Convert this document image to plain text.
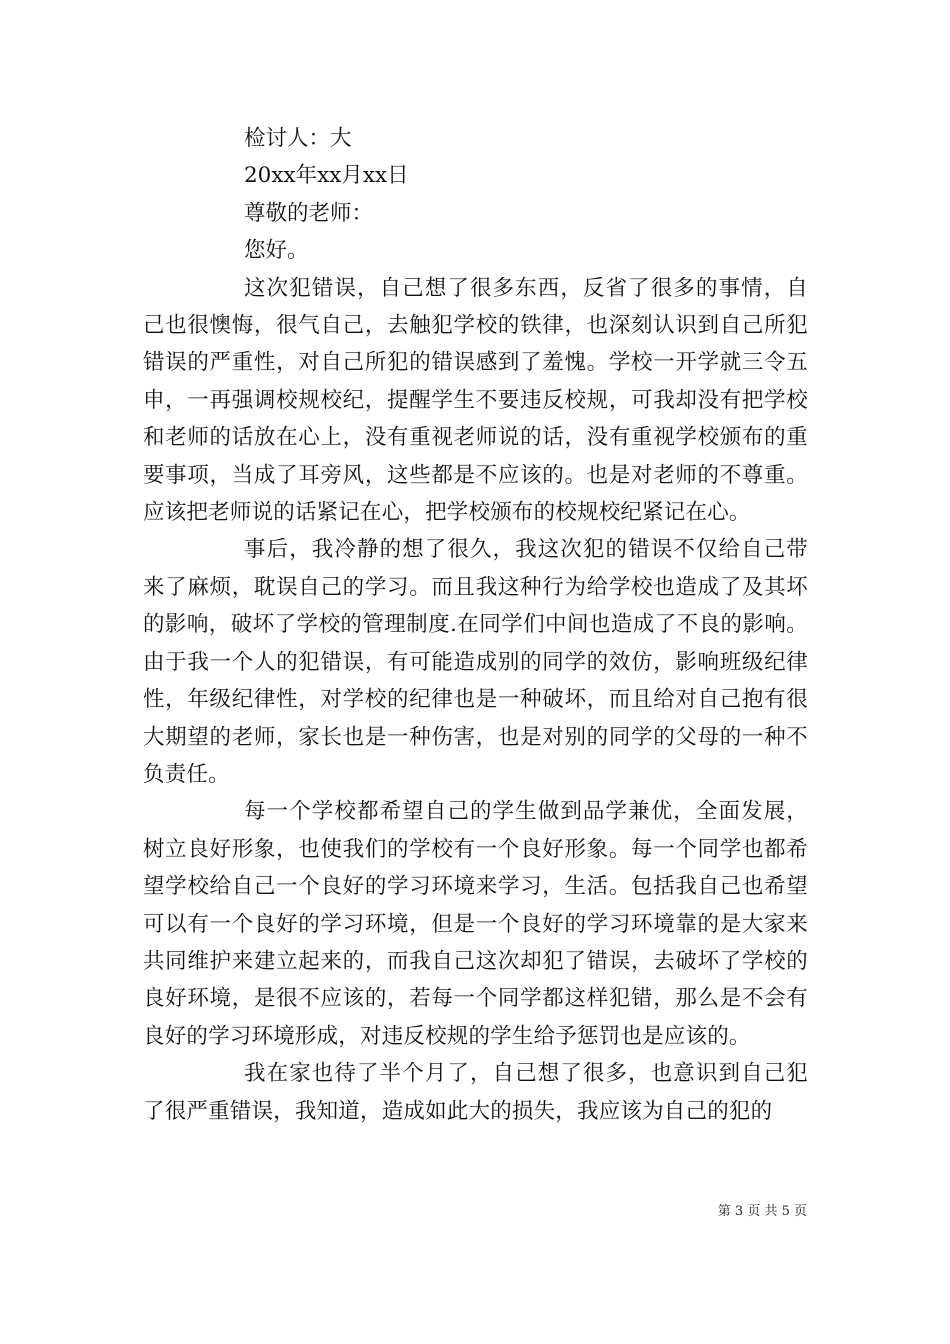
检讨人：大

20xx年xx月xx日

尊敬的老师：

您好。

这次犯错误，自己想了很多东西，反省了很多的事情，自己也很懊悔，很气自己，去触犯学校的铁律，也深刻认识到自己所犯错误的严重性，对自己所犯的错误感到了羞愧。学校一开学就三令五申，一再强调校规校纪，提醒学生不要违反校规，可我却没有把学校和老师的话放在心上，没有重视老师说的话，没有重视学校颁布的重要事项，当成了耳旁风，这些都是不应该的。也是对老师的不尊重。应该把老师说的话紧记在心，把学校颁布的校规校纪紧记在心。

事后，我冷静的想了很久，我这次犯的错误不仅给自己带来了麻烦，耽误自己的学习。而且我这种行为给学校也造成了及其坏的影响，破坏了学校的管理制度.在同学们中间也造成了不良的影响。由于我一个人的犯错误，有可能造成别的同学的效仿，影响班级纪律性，年级纪律性，对学校的纪律也是一种破坏，而且给对自己抱有很大期望的老师，家长也是一种伤害，也是对别的同学的父母的一种不负责任。

每一个学校都希望自己的学生做到品学兼优，全面发展，树立良好形象，也使我们的学校有一个良好形象。每一个同学也都希望学校给自己一个良好的学习环境来学习，生活。包括我自己也希望可以有一个良好的学习环境，但是一个良好的学习环境靠的是大家来共同维护来建立起来的，而我自己这次却犯了错误，去破坏了学校的良好环境，是很不应该的，若每一个同学都这样犯错，那么是不会有良好的学习环境形成，对违反校规的学生给予惩罚也是应该的。

我在家也待了半个月了，自己想了很多，也意识到自己犯了很严重错误，我知道，造成如此大的损失，我应该为自己的犯的

第 3 页 共 5 页
